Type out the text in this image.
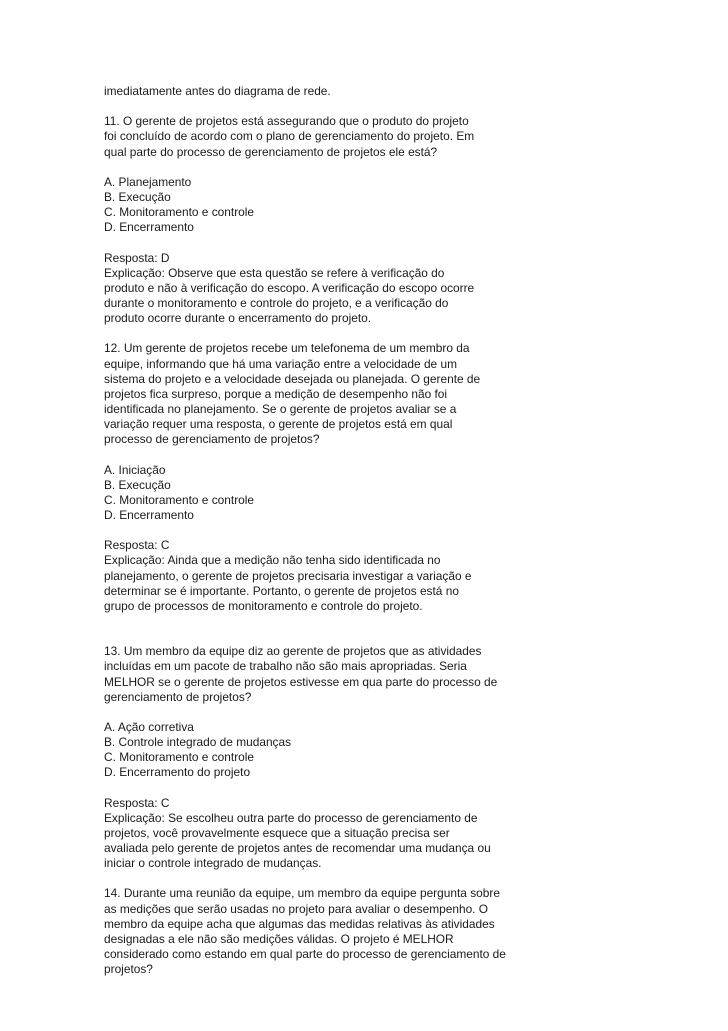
imediatamente antes do diagrama de rede.
11. O gerente de projetos está assegurando que o produto do projeto
foi concluído de acordo com o plano de gerenciamento do projeto. Em
qual parte do processo de gerenciamento de projetos ele está?
A. Planejamento
B. Execução
C. Monitoramento e controle
D. Encerramento
Resposta: D
Explicação: Observe que esta questão se refere à verificação do
produto e não à verificação do escopo. A verificação do escopo ocorre
durante o monitoramento e controle do projeto, e a verificação do
produto ocorre durante o encerramento do projeto.
12. Um gerente de projetos recebe um telefonema de um membro da
equipe, informando que há uma variação entre a velocidade de um
sistema do projeto e a velocidade desejada ou planejada. O gerente de
projetos fica surpreso, porque a medição de desempenho não foi
identificada no planejamento. Se o gerente de projetos avaliar se a
variação requer uma resposta, o gerente de projetos está em qual
processo de gerenciamento de projetos?
A. Iniciação
B. Execução
C. Monitoramento e controle
D. Encerramento
Resposta: C
Explicação: Ainda que a medição não tenha sido identificada no
planejamento, o gerente de projetos precisaria investigar a variação e
determinar se é importante. Portanto, o gerente de projetos está no
grupo de processos de monitoramento e controle do projeto.
13. Um membro da equipe diz ao gerente de projetos que as atividades
incluídas em um pacote de trabalho não são mais apropriadas. Seria
MELHOR se o gerente de projetos estivesse em qua parte do processo de
gerenciamento de projetos?
A. Ação corretiva
B. Controle integrado de mudanças
C. Monitoramento e controle
D. Encerramento do projeto
Resposta: C
Explicação: Se escolheu outra parte do processo de gerenciamento de
projetos, você provavelmente esquece que a situação precisa ser
avaliada pelo gerente de projetos antes de recomendar uma mudança ou
iniciar o controle integrado de mudanças.
14. Durante uma reunião da equipe, um membro da equipe pergunta sobre
as medições que serão usadas no projeto para avaliar o desempenho. O
membro da equipe acha que algumas das medidas relativas às atividades
designadas a ele não são medições válidas. O projeto é MELHOR
considerado como estando em qual parte do processo de gerenciamento de
projetos?
